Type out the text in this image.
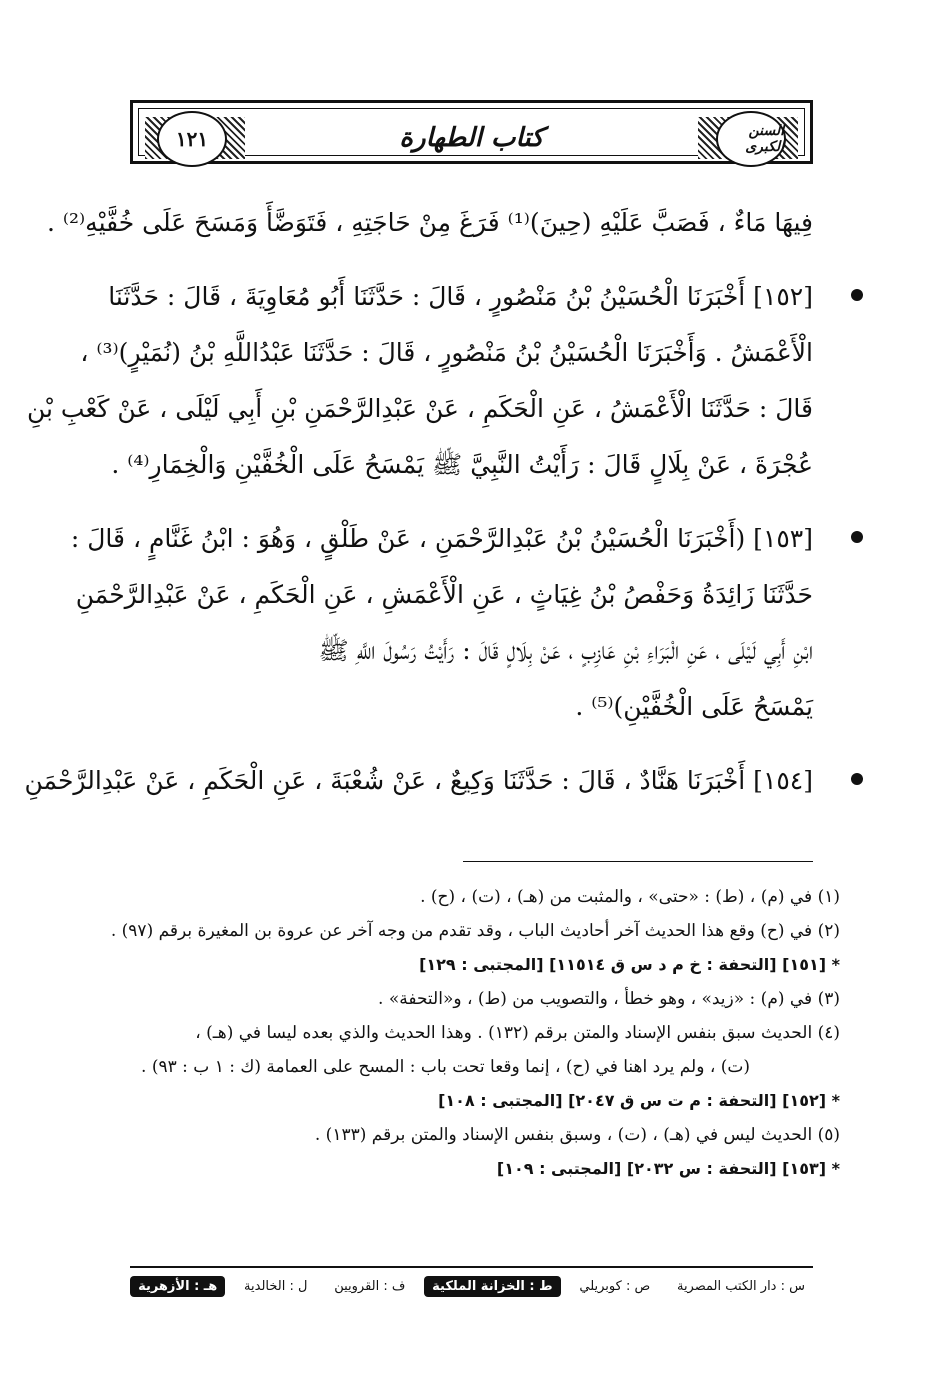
١٢١	السنن الكبرى
كتاب الطهارة
فِيهَا مَاءٌ ، فَصَبَّ عَلَيْهِ (حِينَ)⁽¹⁾ فَرَغَ مِنْ حَاجَتِهِ ، فَتَوَضَّأَ وَمَسَحَ عَلَى خُفَّيْهِ⁽²⁾ .
[١٥٢] أَخْبَرَنَا الْحُسَيْنُ بْنُ مَنْصُورٍ ، قَالَ : حَدَّثَنَا أَبُو مُعَاوِيَةَ ، قَالَ : حَدَّثَنَا
الْأَعْمَشُ . وَأَخْبَرَنَا الْحُسَيْنُ بْنُ مَنْصُورٍ ، قَالَ : حَدَّثَنَا عَبْدُاللَّهِ بْنُ (نُمَيْرٍ)⁽³⁾ ،
قَالَ : حَدَّثَنَا الْأَعْمَشُ ، عَنِ الْحَكَمِ ، عَنْ عَبْدِالرَّحْمَنِ بْنِ أَبِي لَيْلَى ، عَنْ كَعْبِ بْنِ
عُجْرَةَ ، عَنْ بِلَالٍ قَالَ : رَأَيْتُ النَّبِيَّ ﷺ يَمْسَحُ عَلَى الْخُفَّيْنِ وَالْخِمَارِ⁽⁴⁾ .
[١٥٣] (أَخْبَرَنَا الْحُسَيْنُ بْنُ عَبْدِالرَّحْمَنِ ، عَنْ طَلْقٍ ، وَهُوَ : ابْنُ غَنَّامٍ ، قَالَ :
حَدَّثَنَا زَائِدَةُ وَحَفْصُ بْنُ غِيَاثٍ ، عَنِ الْأَعْمَشِ ، عَنِ الْحَكَمِ ، عَنْ عَبْدِالرَّحْمَنِ
ابْنِ أَبِي لَيْلَى ، عَنِ الْبَرَاءِ بْنِ عَازِبٍ ، عَنْ بِلَالٍ قَالَ : رَأَيْتُ رَسُولَ اللَّهِ ﷺ
يَمْسَحُ عَلَى الْخُفَّيْنِ)⁽⁵⁾ .
[١٥٤] أَخْبَرَنَا هَنَّادٌ ، قَالَ : حَدَّثَنَا وَكِيعٌ ، عَنْ شُعْبَةَ ، عَنِ الْحَكَمِ ، عَنْ عَبْدِالرَّحْمَنِ
(١) في (م) ، (ط) : «حتى» ، والمثبت من (هـ) ، (ت) ، (ح) .
(٢) في (ح) وقع هذا الحديث آخر أحاديث الباب ، وقد تقدم من وجه آخر عن عروة بن المغيرة برقم (٩٧) .
* [١٥١] [التحفة : خ م د س ق ١١٥١٤] [المجتبى : ١٢٩]
(٣) في (م) : «زيد» ، وهو خطأ ، والتصويب من (ط) ، و«التحفة» .
(٤) الحديث سبق بنفس الإسناد والمتن برقم (١٣٢) . وهذا الحديث والذي بعده ليسا في (هـ) ،
(ت) ، ولم يرد اهنا في (ح) ، إنما وقعا تحت باب : المسح على العمامة (ك : ١ ب : ٩٣) .
* [١٥٢] [التحفة : م ت س ق ٢٠٤٧] [المجتبى : ١٠٨]
(٥) الحديث ليس في (هـ) ، (ت) ، وسبق بنفس الإسناد والمتن برقم (١٣٣) .
* [١٥٣] [التحفة : س ٢٠٣٢] [المجتبى : ١٠٩]
س : دار الكتب المصرية
ص : كوبريلي
ط : الخزانة الملكية
ف : القرويين
ل : الخالدية
هـ : الأزهرية
